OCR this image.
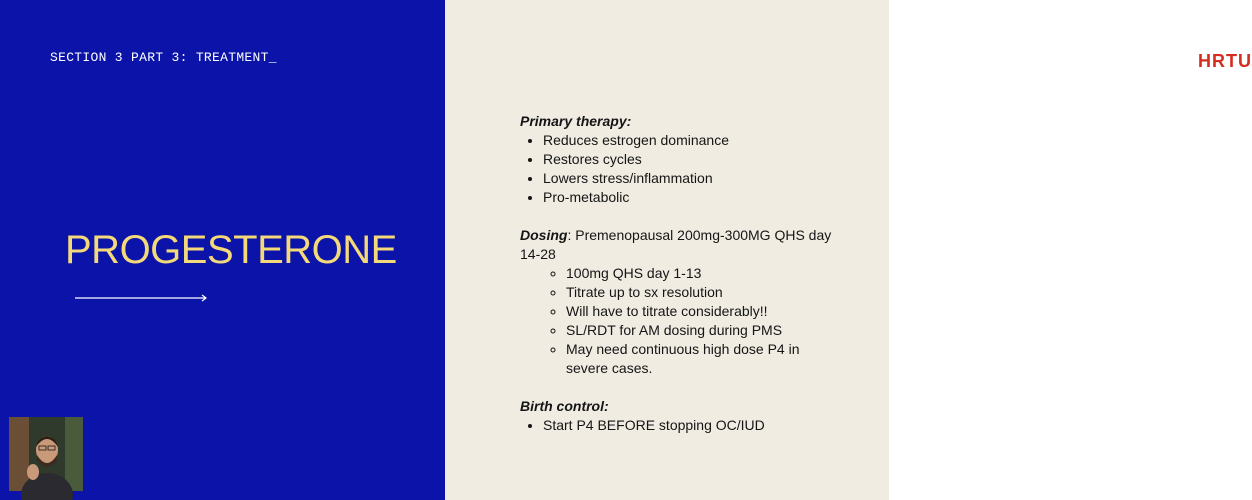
SECTION 3 PART 3: TREATMENT_
PROGESTERONE
HRTU
Primary therapy:
• Reduces estrogen dominance
• Restores cycles
• Lowers stress/inflammation
• Pro-metabolic
Dosing: Premenopausal 200mg-300MG QHS day 14-28
◦ 100mg QHS day 1-13
◦ Titrate up to sx resolution
◦ Will have to titrate considerably!!
◦ SL/RDT for AM dosing during PMS
◦ May need continuous high dose P4 in severe cases.
Birth control:
• Start P4 BEFORE stopping OC/IUD
